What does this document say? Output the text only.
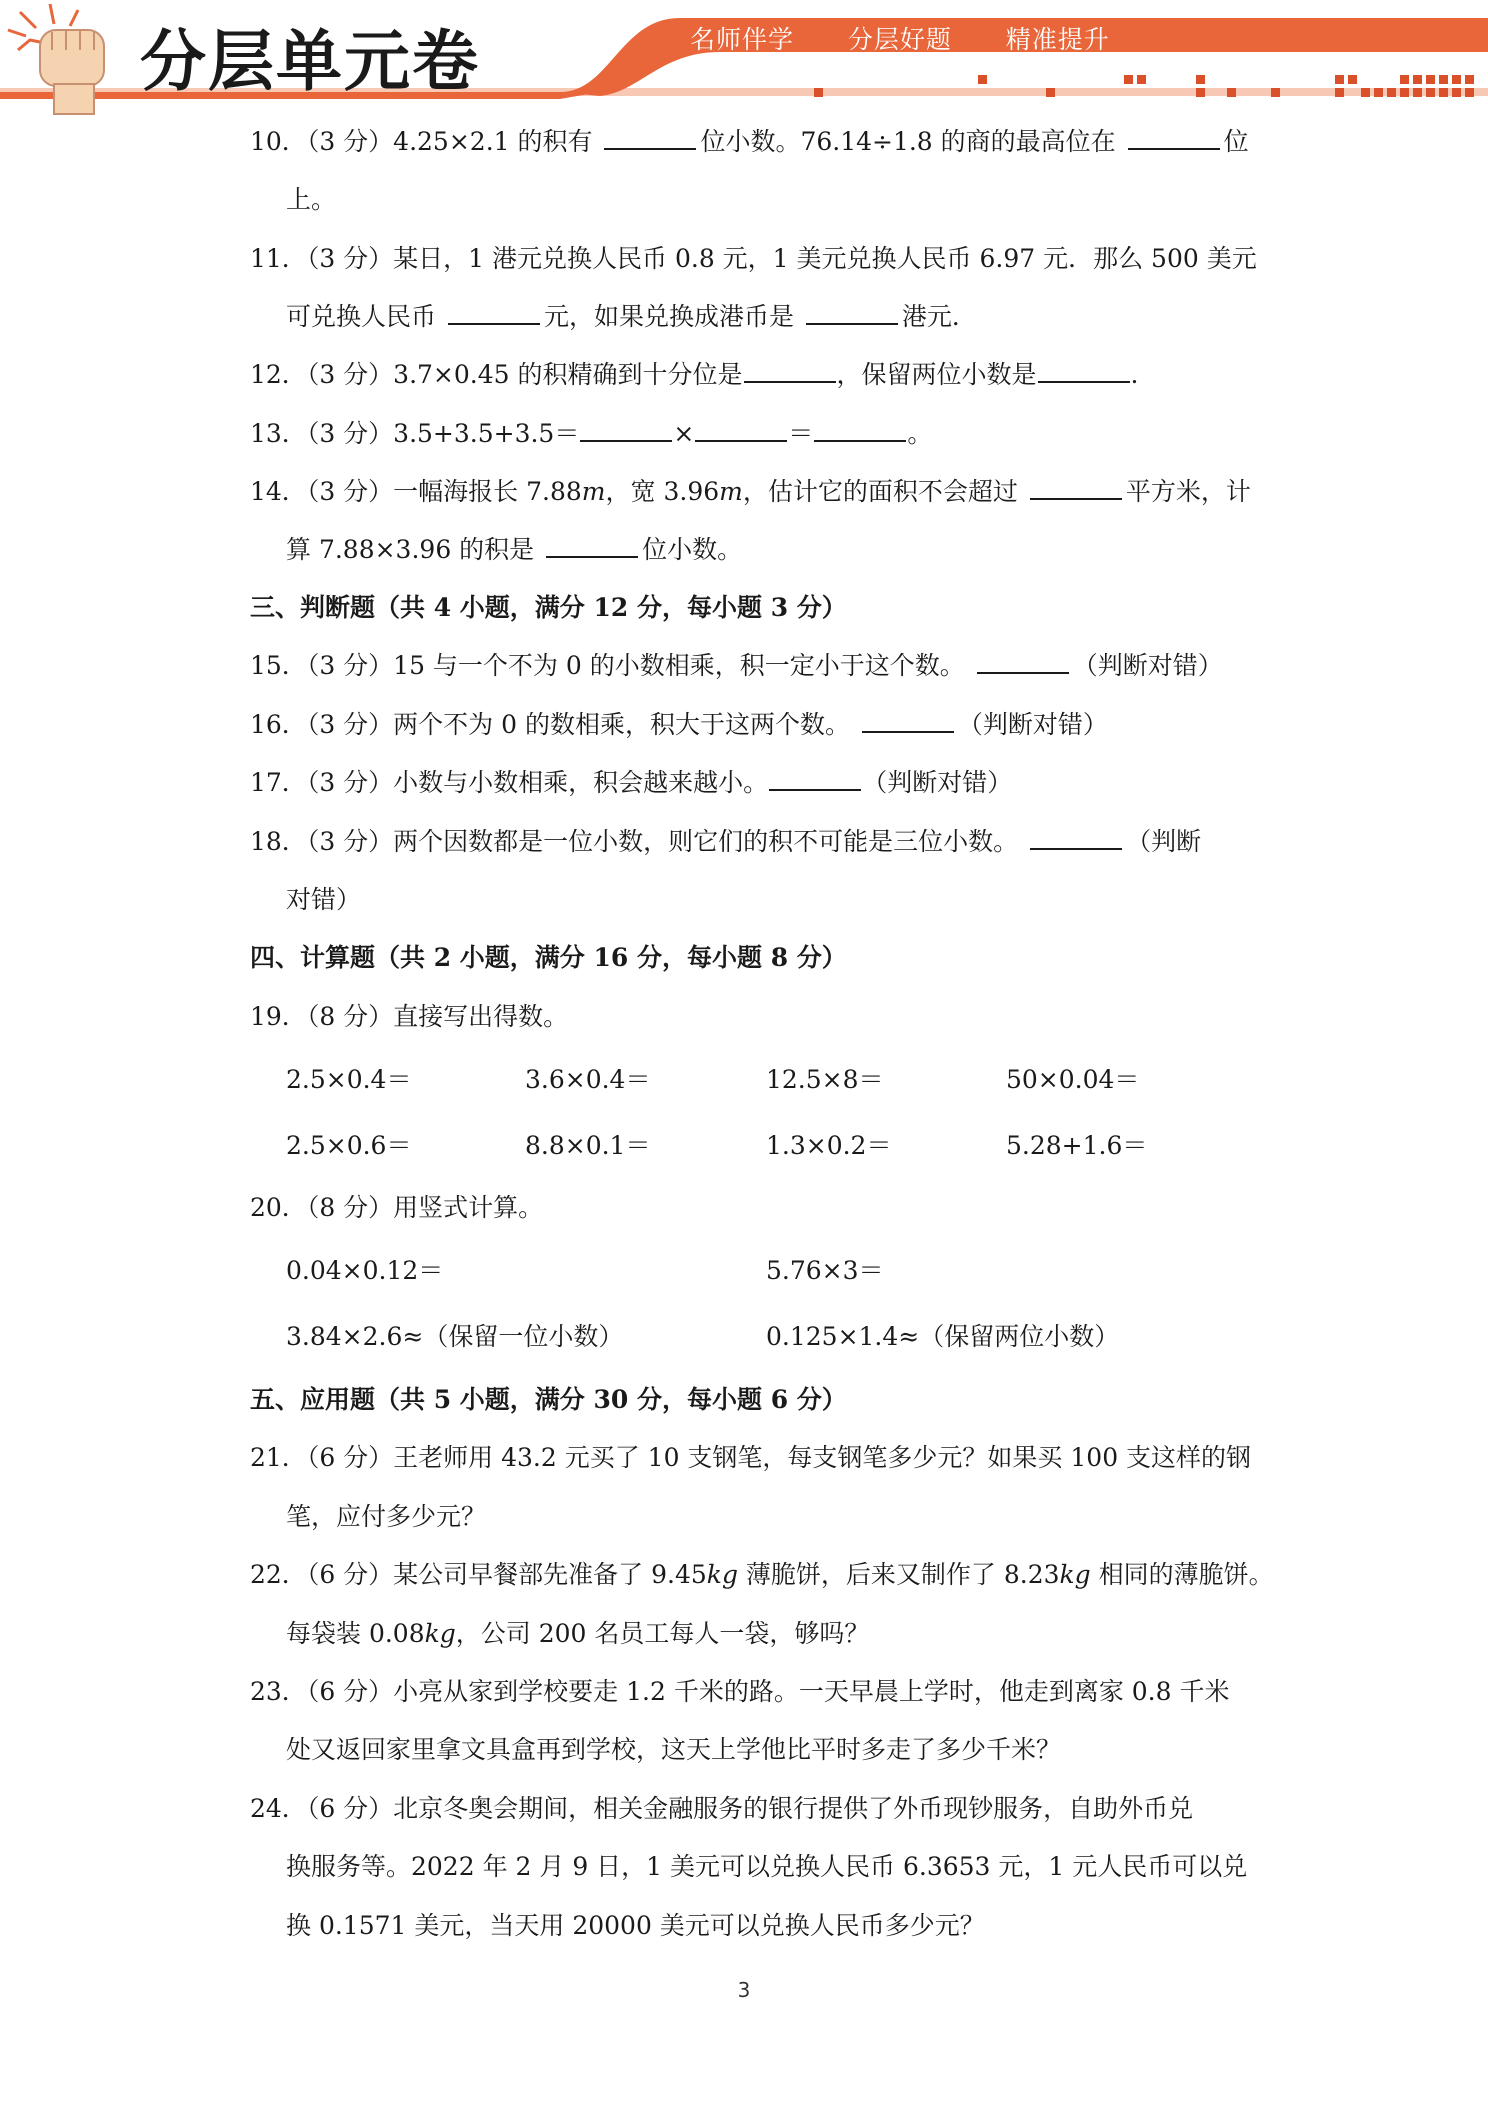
分层单元卷	名师伴学  分层好题  精准提升
10．（3 分）4.25×2.1 的积有	位小数。76.14÷1.8 的商的最高位在	位
上。
11．（3 分）某日，1 港元兑换人民币 0.8 元，1 美元兑换人民币 6.97 元．那么 500 美元
可兑换人民币	元，如果兑换成港币是	港元．
12．（3 分）3.7×0.45 的积精确到十分位是	，保留两位小数是	.
13．（3 分）3.5+3.5+3.5＝	×	＝	。
14．（3 分）一幅海报长 7.88m，宽 3.96m，估计它的面积不会超过	平方米，计
算 7.88×3.96 的积是	位小数。
三、判断题（共 4 小题，满分 12 分，每小题 3 分）
15．（3 分）15 与一个不为 0 的小数相乘，积一定小于这个数。	（判断对错）
16．（3 分）两个不为 0 的数相乘，积大于这两个数。	（判断对错）
17．（3 分）小数与小数相乘，积会越来越小。	（判断对错）
18．（3 分）两个因数都是一位小数，则它们的积不可能是三位小数。	（判断
对错）
四、计算题（共 2 小题，满分 16 分，每小题 8 分）
19．（8 分）直接写出得数。
2.5×0.4＝	3.6×0.4＝	12.5×8＝	50×0.04＝
2.5×0.6＝	8.8×0.1＝	1.3×0.2＝	5.28+1.6＝
20．（8 分）用竖式计算。
0.04×0.12＝	5.76×3＝
3.84×2.6≈（保留一位小数）	0.125×1.4≈（保留两位小数）
五、应用题（共 5 小题，满分 30 分，每小题 6 分）
21．（6 分）王老师用 43.2 元买了 10 支钢笔，每支钢笔多少元？如果买 100 支这样的钢
笔，应付多少元？
22．（6 分）某公司早餐部先准备了 9.45kg 薄脆饼，后来又制作了 8.23kg 相同的薄脆饼。
每袋装 0.08kg，公司 200 名员工每人一袋，够吗？
23．（6 分）小亮从家到学校要走 1.2 千米的路。一天早晨上学时，他走到离家 0.8 千米
处又返回家里拿文具盒再到学校，这天上学他比平时多走了多少千米？
24．（6 分）北京冬奥会期间，相关金融服务的银行提供了外币现钞服务，自助外币兑
换服务等。2022 年 2 月 9 日，1 美元可以兑换人民币 6.3653 元，1 元人民币可以兑
换 0.1571 美元，当天用 20000 美元可以兑换人民币多少元？
3
